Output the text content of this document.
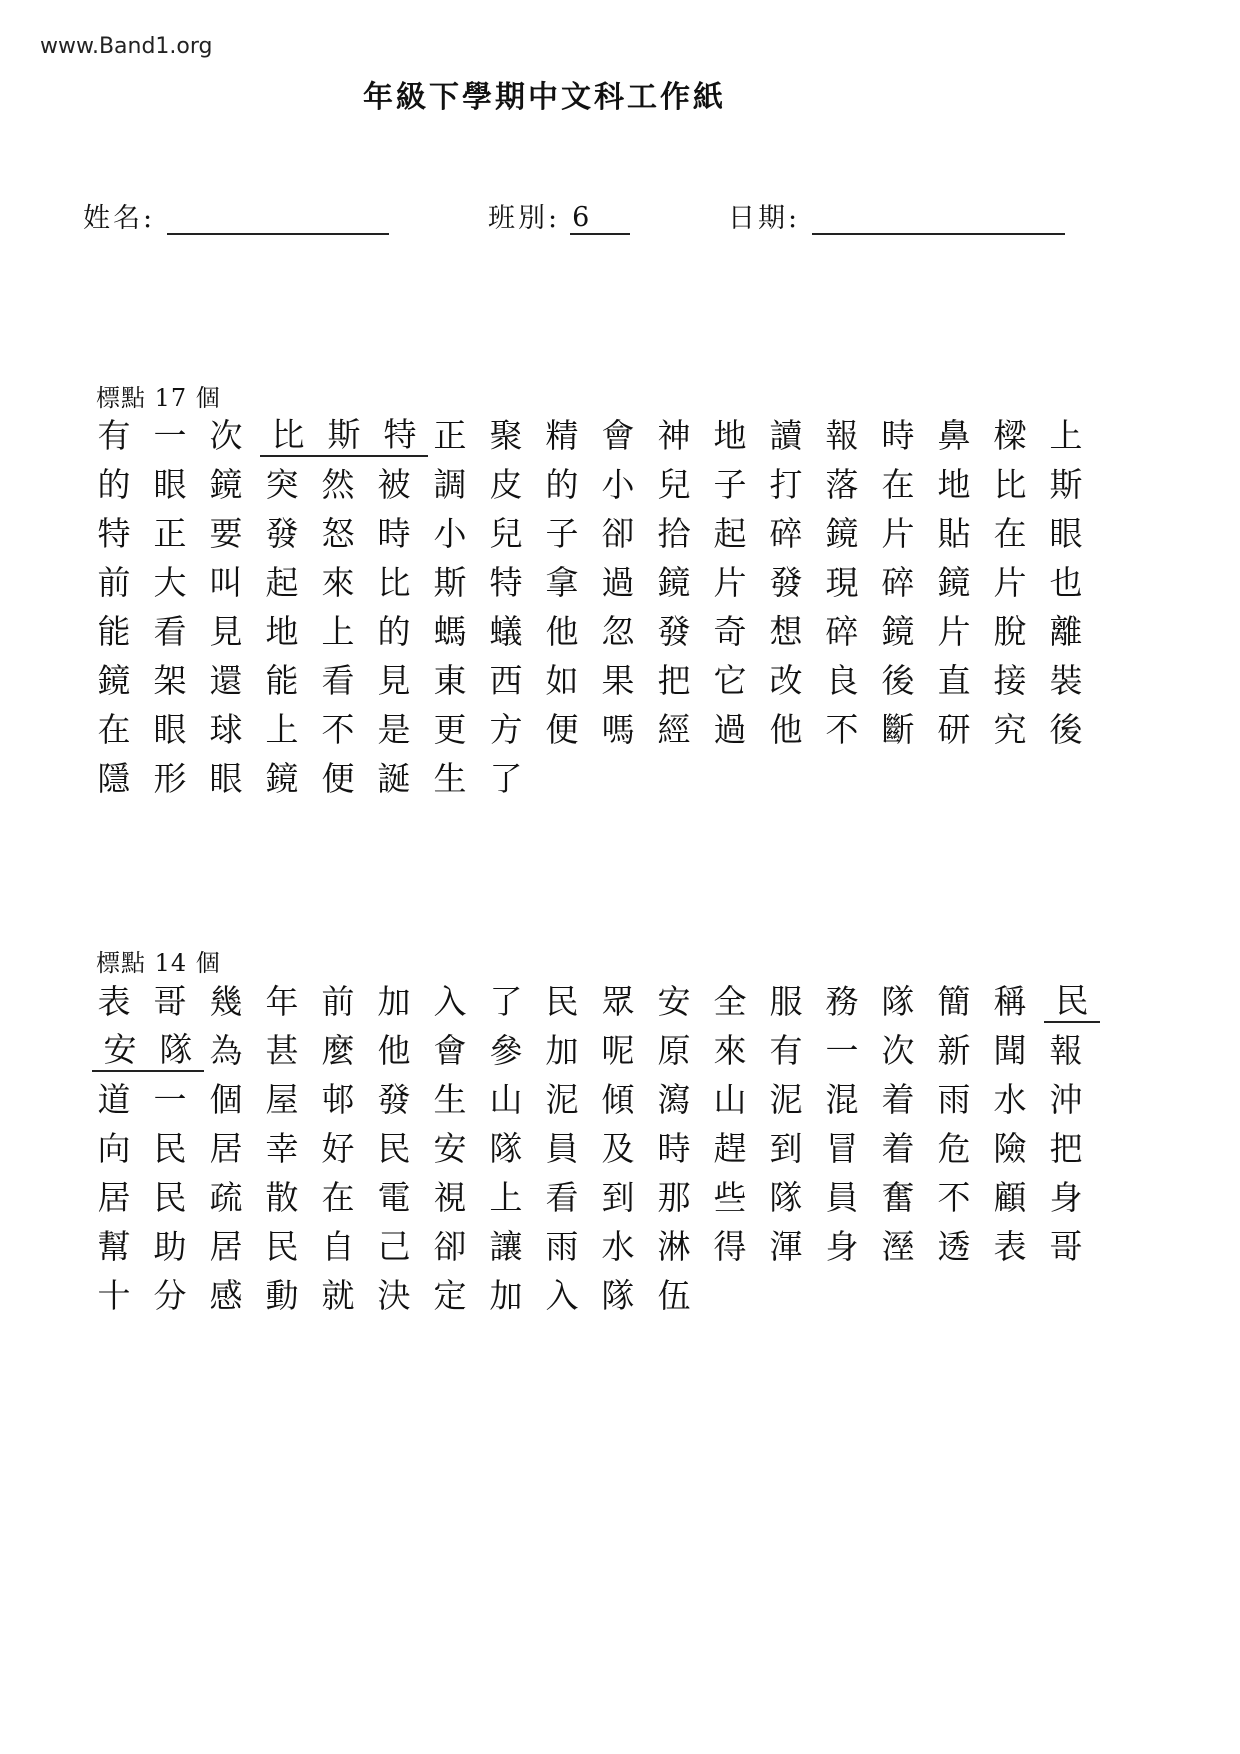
www.Band1.org
年級下學期中文科工作紙
姓名:	班別: 6	日期:
標點 17 個
有 一 次 比 斯 特 正 聚 精 會 神 地 讀 報 時 鼻 樑 上
的 眼 鏡 突 然 被 調 皮 的 小 兒 子 打 落 在 地 比 斯
特 正 要 發 怒 時 小 兒 子 卻 拾 起 碎 鏡 片 貼 在 眼
前 大 叫 起 來 比 斯 特 拿 過 鏡 片 發 現 碎 鏡 片 也
能 看 見 地 上 的 螞 蟻 他 忽 發 奇 想 碎 鏡 片 脫 離
鏡 架 還 能 看 見 東 西 如 果 把 它 改 良 後 直 接 裝
在 眼 球 上 不 是 更 方 便 嗎 經 過 他 不 斷 研 究 後
隱 形 眼 鏡 便 誕 生 了
標點 14 個
表 哥 幾 年 前 加 入 了 民 眾 安 全 服 務 隊 簡 稱 民
安 隊 為 甚 麼 他 會 參 加 呢 原 來 有 一 次 新 聞 報
道 一 個 屋 邨 發 生 山 泥 傾 瀉 山 泥 混 着 雨 水 沖
向 民 居 幸 好 民 安 隊 員 及 時 趕 到 冒 着 危 險 把
居 民 疏 散 在 電 視 上 看 到 那 些 隊 員 奮 不 顧 身
幫 助 居 民 自 己 卻 讓 雨 水 淋 得 渾 身 溼 透 表 哥
十 分 感 動 就 決 定 加 入 隊 伍
